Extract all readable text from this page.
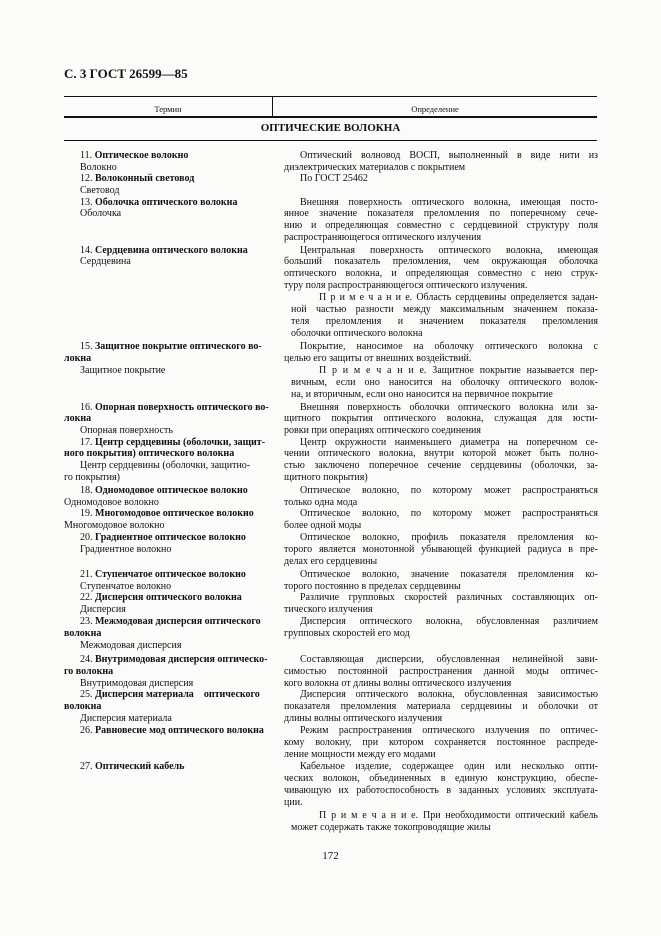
С. 3 ГОСТ 26599—85
Термин	Определение
ОПТИЧЕСКИЕ ВОЛОКНА
11. Оптическое волокно
Волокно
12. Волоконный световод
Световод
13. Оболочка оптического волокна
Оболочка
14. Сердцевина оптического волокна
Сердцевина
15. Защитное покрытие оптического во-
локна
Защитное покрытие
16. Опорная поверхность оптического во-
локна
Опорная поверхность
17. Центр сердцевины (оболочки, защит-
ного покрытия) оптического волокна
Центр сердцевины (оболочки, защитно-
го покрытия)
18. Одномодовое оптическое волокно
Одномодовое волокно
19. Многомодовое оптическое волокно
Многомодовое волокно
20. Градиентное оптическое волокно
Градиентное волокно
21. Ступенчатое оптическое волокно
Ступенчатое волокно
22. Дисперсия оптического волокна
Дисперсия
23. Межмодовая дисперсия оптического
волокна
Межмодовая дисперсия
24. Внутримодовая дисперсия оптическо-
го волокна
Внутримодовая дисперсия
25. Дисперсия материала оптического
волокна
Дисперсия материала
26. Равновесие мод оптического волокна
27. Оптический кабель
Оптический волновод ВОСП, выполненный в виде нити из
диэлектрических материалов с покрытием
По ГОСТ 25462
Внешняя поверхность оптического волокна, имеющая посто-
янное значение показателя преломления по поперечному сече-
нию и определяющая совместно с сердцевиной структуру поля
распространяющегося оптического излучения
Центральная поверхность оптического волокна, имеющая
больший показатель преломления, чем окружающая оболочка
оптического волокна, и определяющая совместно с нею струк-
туру поля распространяющегося оптического излучения.
П р и м е ч а н и е. Область сердцевины определяется задан-
ной частью разности между максимальным значением показа-
теля преломления и значением показателя преломления
оболочки оптического волокна
Покрытие, наносимое на оболочку оптического волокна с
целью его защиты от внешних воздействий.
П р и м е ч а н и е. Защитное покрытие называется пер-
вичным, если оно наносится на оболочку оптического волок-
на, и вторичным, если оно наносится на первичное покрытие
Внешняя поверхность оболочки оптического волокна или за-
щитного покрытия оптического волокна, служащая для юсти-
ровки при операциях оптического соединения
Центр окружности наименьшего диаметра на поперечном се-
чении оптического волокна, внутри которой может быть полно-
стью заключено поперечное сечение сердцевины (оболочки, за-
щитного покрытия)
Оптическое волокно, по которому может распространяться
только одна мода
Оптическое волокно, по которому может распространяться
более одной моды
Оптическое волокно, профиль показателя преломления ко-
торого является монотонной убывающей функцией радиуса в пре-
делах его сердцевины
Оптическое волокно, значение показателя преломления ко-
торого постоянно в пределах сердцевины
Различие групповых скоростей различных составляющих оп-
тического излучения
Дисперсия оптического волокна, обусловленная различием
групповых скоростей его мод
Составляющая дисперсии, обусловленная нелинейной зави-
симостью постоянной распространения данной моды оптичес-
кого волокна от длины волны оптического излучения
Дисперсия оптического волокна, обусловленная зависимостью
показателя преломления материала сердцевины и оболочки от
длины волны оптического излучения
Режим распространения оптического излучения по оптичес-
кому волокну, при котором сохраняется постоянное распреде-
ление мощности между его модами
Кабельное изделие, содержащее один или несколько опти-
ческих волокон, объединенных в единую конструкцию, обеспе-
чивающую их работоспособность в заданных условиях эксплуата-
ции.
П р и м е ч а н и е. При необходимости оптический кабель
может содержать также токопроводящие жилы
172
